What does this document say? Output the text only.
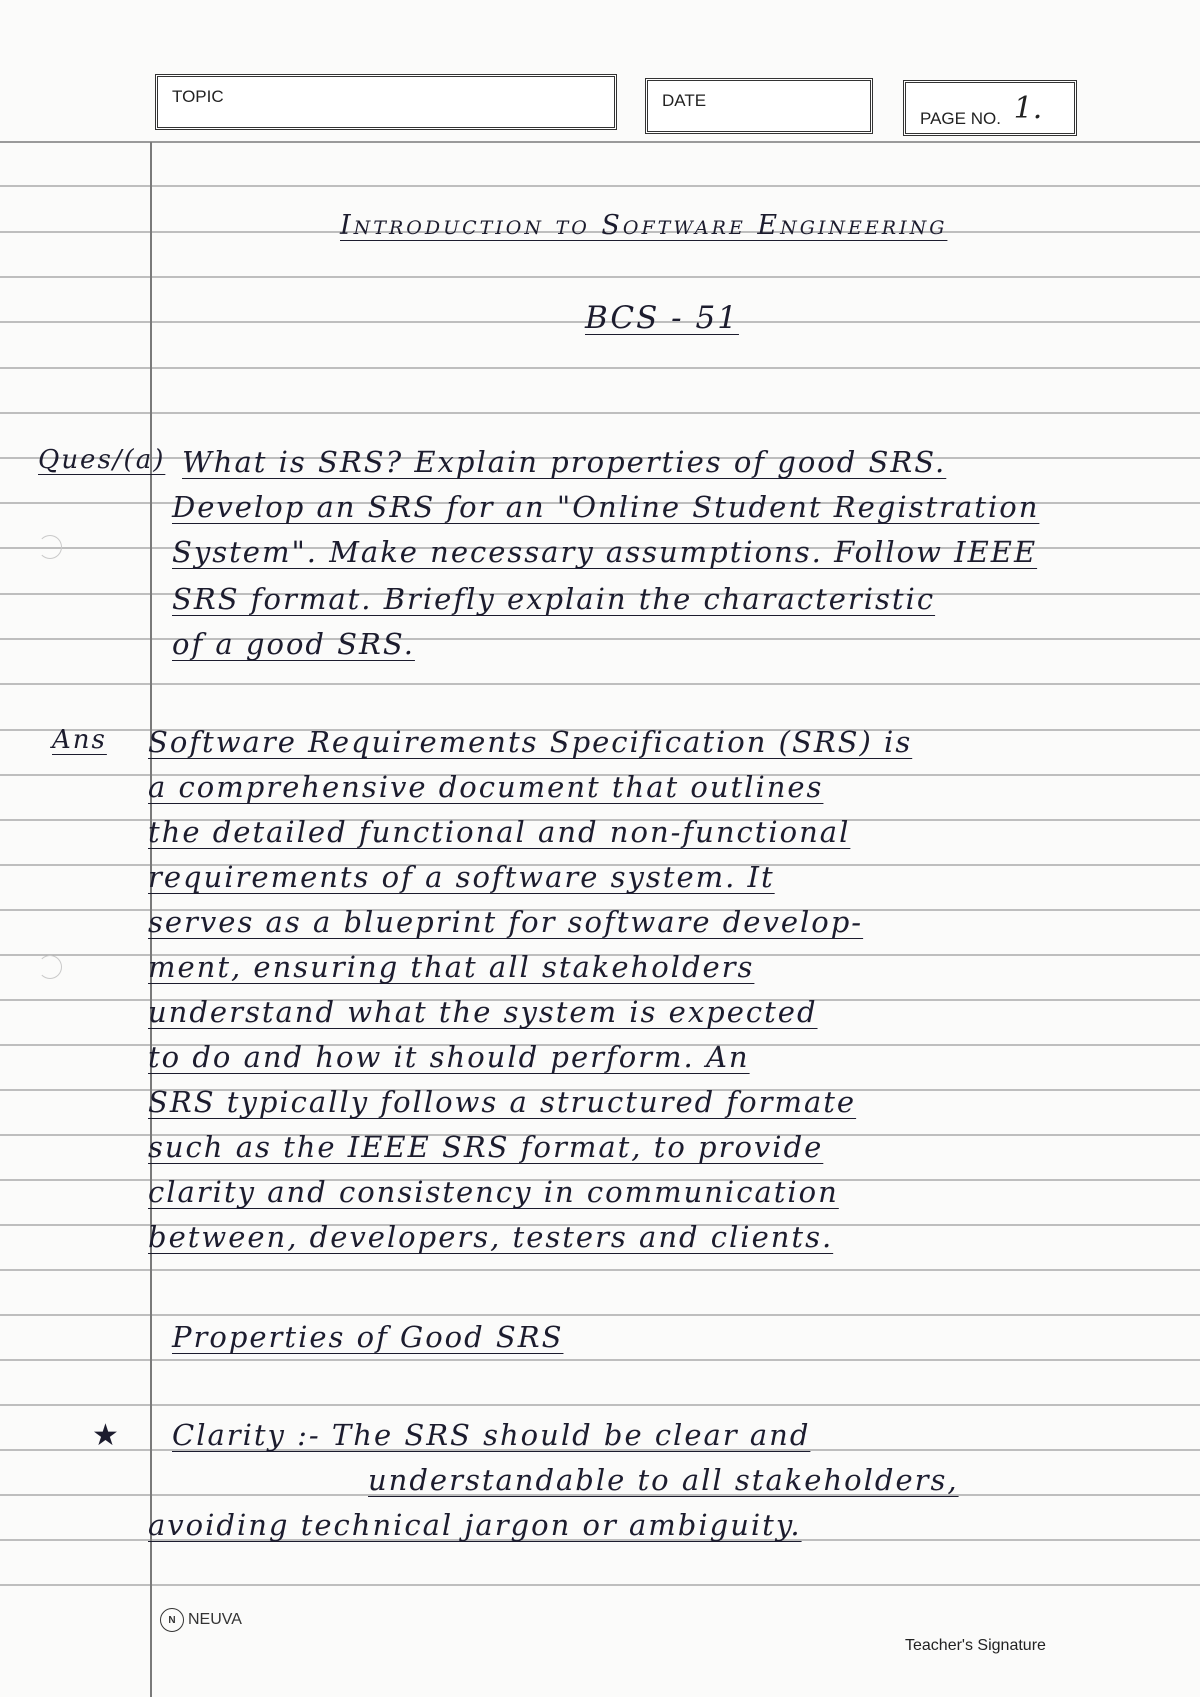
TOPIC	DATE
PAGE NO. 1.
Introduction to Software Engineering
BCS - 51
Ques/(a) What is SRS? Explain properties of good SRS.
Develop an SRS for an "Online Student Registration
System". Make necessary assumptions. Follow IEEE
SRS format. Briefly explain the characteristic
of a good SRS.
Ans Software Requirements Specification (SRS) is
a comprehensive document that outlines
the detailed functional and non-functional
requirements of a software system. It
serves as a blueprint for software develop-
ment, ensuring that all stakeholders
understand what the system is expected
to do and how it should perform. An
SRS typically follows a structured formate
such as the IEEE SRS format, to provide
clarity and consistency in communication
between, developers, testers and clients.
Properties of Good SRS
★ Clarity :- The SRS should be clear and
understandable to all stakeholders,
avoiding technical jargon or ambiguity.
N NEUVA
Teacher's Signature
